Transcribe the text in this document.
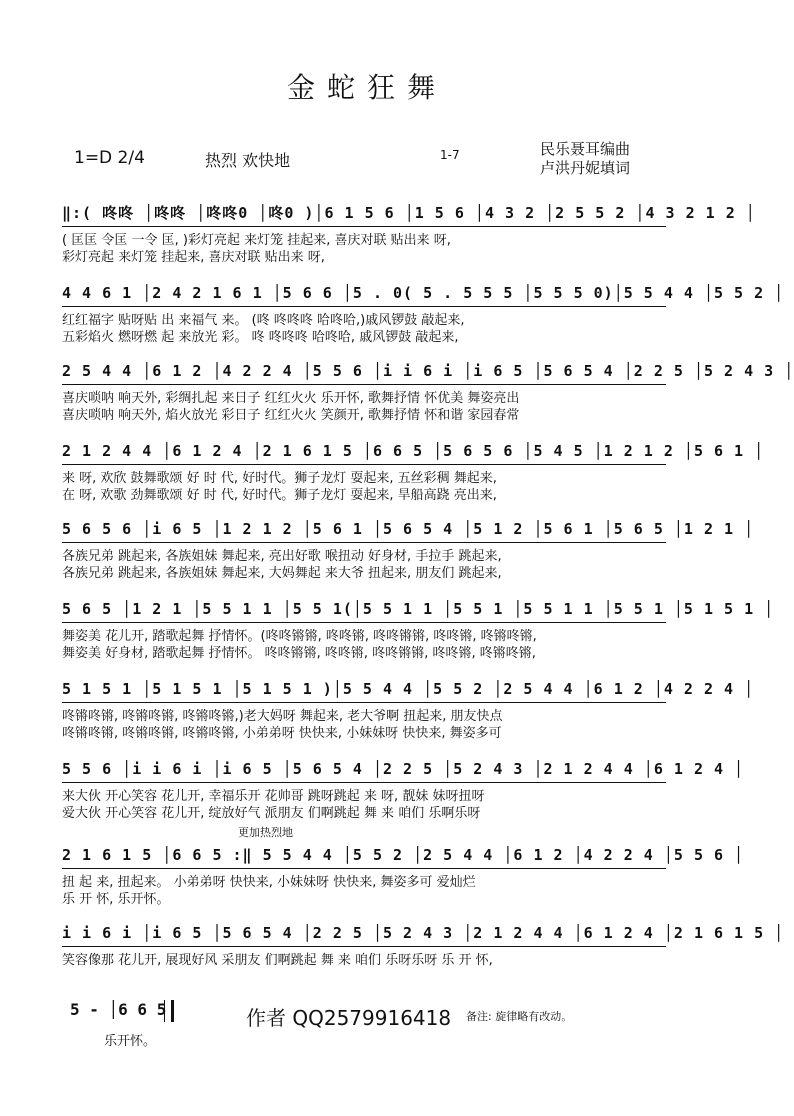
金蛇狂舞
1=D 2/4	热烈 欢快地	1-7	民乐聂耳编曲
卢洪丹妮填词
‖:( 咚咚 │咚咚 │咚咚0 │咚0 )│6 1 5 6 │1 5 6 │4 3 2 │2 5 5 2 │4 3 2 1 2 │
( 匡匡 令匡 一令 匡, )彩灯亮起 来灯笼 挂起来, 喜庆对联 贴出来 呀,
彩灯亮起 来灯笼 挂起来, 喜庆对联 贴出来 呀,
4 4 6 1 │2 4 2 1 6 1 │5 6 6 │5 . 0( 5 . 5 5 5 │5 5 5 0)│5 5 4 4 │5 5 2 │
红红福字 贴呀贴 出 来福气 来。 (咚 咚咚咚 哈咚哈,)戚风锣鼓 敲起来,
五彩焰火 燃呀燃 起 来放光 彩。 咚 咚咚咚 哈咚哈, 戚风锣鼓 敲起来,
2 5 4 4 │6 1 2 │4 2 2 4 │5 5 6 │i i 6 i │i 6 5 │5 6 5 4 │2 2 5 │5 2 4 3 │
喜庆唢呐 响天外, 彩绸扎起 来日子 红红火火 乐开怀, 歌舞抒情 怀优美 舞姿亮出
喜庆唢呐 响天外, 焰火放光 彩日子 红红火火 笑颜开, 歌舞抒情 怀和谐 家园春常
2 1 2 4 4 │6 1 2 4 │2 1 6 1 5 │6 6 5 │5 6 5 6 │5 4 5 │1 2 1 2 │5 6 1 │
来 呀, 欢欣 鼓舞歌颂 好 时 代, 好时代。狮子龙灯 耍起来, 五丝彩稠 舞起来,
在 呀, 欢歌 劲舞歌颂 好 时 代, 好时代。狮子龙灯 耍起来, 旱船高跷 亮出来,
5 6 5 6 │i 6 5 │1 2 1 2 │5 6 1 │5 6 5 4 │5 1 2 │5 6 1 │5 6 5 │1 2 1 │
各族兄弟 跳起来, 各族姐妹 舞起来, 亮出好歌 喉扭动 好身材, 手拉手 跳起来,
各族兄弟 跳起来, 各族姐妹 舞起来, 大妈舞起 来大爷 扭起来, 朋友们 跳起来,
5 6 5 │1 2 1 │5 5 1 1 │5 5 1(│5 5 1 1 │5 5 1 │5 5 1 1 │5 5 1 │5 1 5 1 │
舞姿美 花儿开, 踏歌起舞 抒情怀。(咚咚锵锵, 咚咚锵, 咚咚锵锵, 咚咚锵, 咚锵咚锵,
舞姿美 好身材, 踏歌起舞 抒情怀。 咚咚锵锵, 咚咚锵, 咚咚锵锵, 咚咚锵, 咚锵咚锵,
5 1 5 1 │5 1 5 1 │5 1 5 1 )│5 5 4 4 │5 5 2 │2 5 4 4 │6 1 2 │4 2 2 4 │
咚锵咚锵, 咚锵咚锵, 咚锵咚锵,)老大妈呀 舞起来, 老大爷啊 扭起来, 朋友快点
咚锵咚锵, 咚锵咚锵, 咚锵咚锵, 小弟弟呀 快快来, 小妹妹呀 快快来, 舞姿多可
5 5 6 │i i 6 i │i 6 5 │5 6 5 4 │2 2 5 │5 2 4 3 │2 1 2 4 4 │6 1 2 4 │
来大伙 开心笑容 花儿开, 幸福乐开 花帅哥 跳呀跳起 来 呀, 靓妹 妹呀扭呀
爱大伙 开心笑容 花儿开, 绽放好气 派朋友 们啊跳起 舞 来 咱们 乐啊乐呀
更加热烈地
2 1 6 1 5 │6 6 5 :‖ 5 5 4 4 │5 5 2 │2 5 4 4 │6 1 2 │4 2 2 4 │5 5 6 │
扭 起 来, 扭起来。 小弟弟呀 快快来, 小妹妹呀 快快来, 舞姿多可 爱灿烂
乐 开 怀, 乐开怀。
i i 6 i │i 6 5 │5 6 5 4 │2 2 5 │5 2 4 3 │2 1 2 4 4 │6 1 2 4 │2 1 6 1 5 │
笑容像那 花儿开, 展现好风 采朋友 们啊跳起 舞 来 咱们 乐呀乐呀 乐 开 怀,
5 - │6 6 5
乐开怀。
作者 QQ2579916418 备注: 旋律略有改动。
